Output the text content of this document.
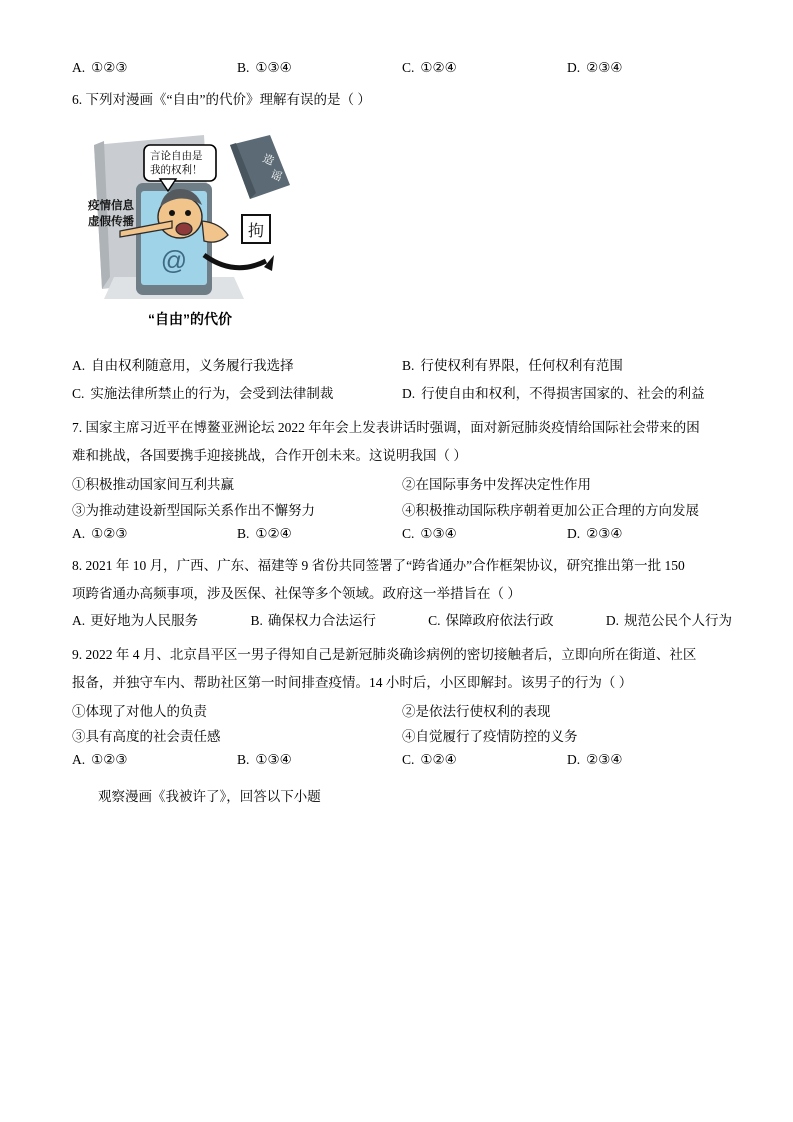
A. ①②③	B. ①③④	C. ①②④	D. ②③④
6. 下列对漫画《“自由”的代价》理解有误的是（ ）
@
造
谣
言论自由是
我的权利！
疫情信息
虚假传播
拘
“自由”的代价
A. 自由权利随意用，义务履行我选择	B. 行使权利有界限，任何权利有范围
C. 实施法律所禁止的行为，会受到法律制裁	D. 行使自由和权利，不得损害国家的、社会的利益
7. 国家主席习近平在博鳌亚洲论坛 2022 年年会上发表讲话时强调，面对新冠肺炎疫情给国际社会带来的困
难和挑战，各国要携手迎接挑战，合作开创未来。这说明我国（ ）
①积极推动国家间互利共赢	②在国际事务中发挥决定性作用
③为推动建设新型国际关系作出不懈努力	④积极推动国际秩序朝着更加公正合理的方向发展
A. ①②③	B. ①②④	C. ①③④	D. ②③④
8. 2021 年 10 月，广西、广东、福建等 9 省份共同签署了“跨省通办”合作框架协议，研究推出第一批 150
项跨省通办高频事项，涉及医保、社保等多个领域。政府这一举措旨在（ ）
A. 更好地为人民服务	B. 确保权力合法运行	C. 保障政府依法行政	D. 规范公民个人行为
9. 2022 年 4 月、北京昌平区一男子得知自己是新冠肺炎确诊病例的密切接触者后，立即向所在街道、社区
报备，并独守车内、帮助社区第一时间排查疫情。14 小时后，小区即解封。该男子的行为（ ）
①体现了对他人的负责	②是依法行使权利的表现
③具有高度的社会责任感	④自觉履行了疫情防控的义务
A. ①②③	B. ①③④	C. ①②④	D. ②③④
观察漫画《我被许了》，回答以下小题
